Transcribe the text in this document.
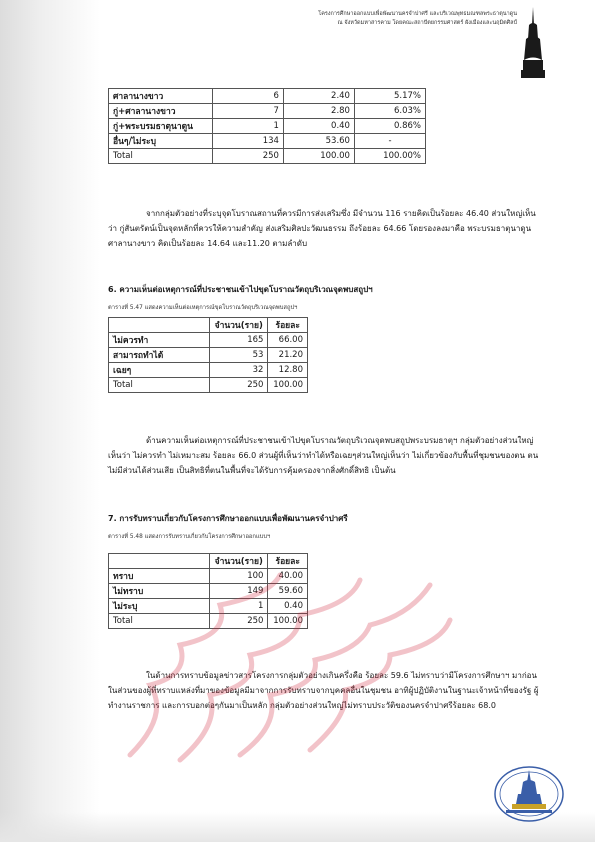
โครงการศึกษาออกแบบเพื่อพัฒนานครจำปาศรี และบริเวณพุทธมณฑลพระธาตุนาดูน
ณ จังหวัดมหาสารคาม โดยคณะสถาปัตยกรรมศาสตร์ ผังเมืองและนฤมิตศิลป์
ศาลานางขาว	6	2.40	5.17%
กู่+ศาลานางขาว	7	2.80	6.03%
กู่+พระบรมธาตุนาดูน	1	0.40	0.86%
อื่นๆ/ไม่ระบุ	134	53.60	-
Total	250	100.00	100.00%

จากกลุ่มตัวอย่างที่ระบุจุดโบราณสถานที่ควรมีการส่งเสริมซึ่ง มีจำนวน 116 รายคิดเป็นร้อยละ 46.40 ส่วนใหญ่เห็นว่า กู่สันตรัตน์เป็นจุดหลักที่ควรให้ความสำคัญ ส่งเสริมศิลปะวัฒนธรรม ถึงร้อยละ 64.66 โดยรองลงมาคือ พระบรมธาตุนาดูน ศาลานางขาว คิดเป็นร้อยละ 14.64 และ11.20 ตามลำดับ

6. ความเห็นต่อเหตุการณ์ที่ประชาชนเข้าไปขุดโบราณวัตถุบริเวณจุดพบสถูปฯ

ตารางที่ 5.47 แสดงความเห็นต่อเหตุการณ์ขุดโบราณวัตถุบริเวณจุดพบสถูปฯ

	จำนวน(ราย)	ร้อยละ
ไม่ควรทำ	165	66.00
สามารถทำได้	53	21.20
เฉยๆ	32	12.80
Total	250	100.00

ด้านความเห็นต่อเหตุการณ์ที่ประชาชนเข้าไปขุดโบราณวัตถุบริเวณจุดพบสถูปพระบรมธาตุฯ กลุ่มตัวอย่างส่วนใหญ่เห็นว่า ไม่ควรทำ ไม่เหมาะสม ร้อยละ 66.0 ส่วนผู้ที่เห็นว่าทำได้หรือเฉยๆส่วนใหญ่เห็นว่า ไม่เกี่ยวข้องกับพื้นที่ชุมชนของตน ตนไม่มีส่วนได้ส่วนเสีย เป็นสิทธิที่ตนในพื้นที่จะได้รับการคุ้มครองจากสิ่งศักดิ์สิทธิ เป็นต้น

7. การรับทราบเกี่ยวกับโครงการศึกษาออกแบบเพื่อพัฒนานครจำปาศรี

ตารางที่ 5.48 แสดงการรับทราบเกี่ยวกับโครงการศึกษาออกแบบฯ

	จำนวน(ราย)	ร้อยละ
ทราบ	100	40.00
ไม่ทราบ	149	59.60
ไม่ระบุ	1	0.40
Total	250	100.00

ในด้านการทราบข้อมูลข่าวสารโครงการกลุ่มตัวอย่างเกินครึ่งคือ ร้อยละ 59.6 ไม่ทราบว่ามีโครงการศึกษาฯ มาก่อน ในส่วนของผู้ที่ทราบแหล่งที่มาของข้อมูลมีมาจากการรับทราบจากบุคคลอื่นในชุมชน อาทิผู้ปฏิบัติงานในฐานะเจ้าหน้าที่ของรัฐ ผู้ทำงานราชการ และการบอกต่อๆกันมาเป็นหลัก กลุ่มตัวอย่างส่วนใหญ่ไม่ทราบประวัติของนครจำปาศรีร้อยละ 68.0
